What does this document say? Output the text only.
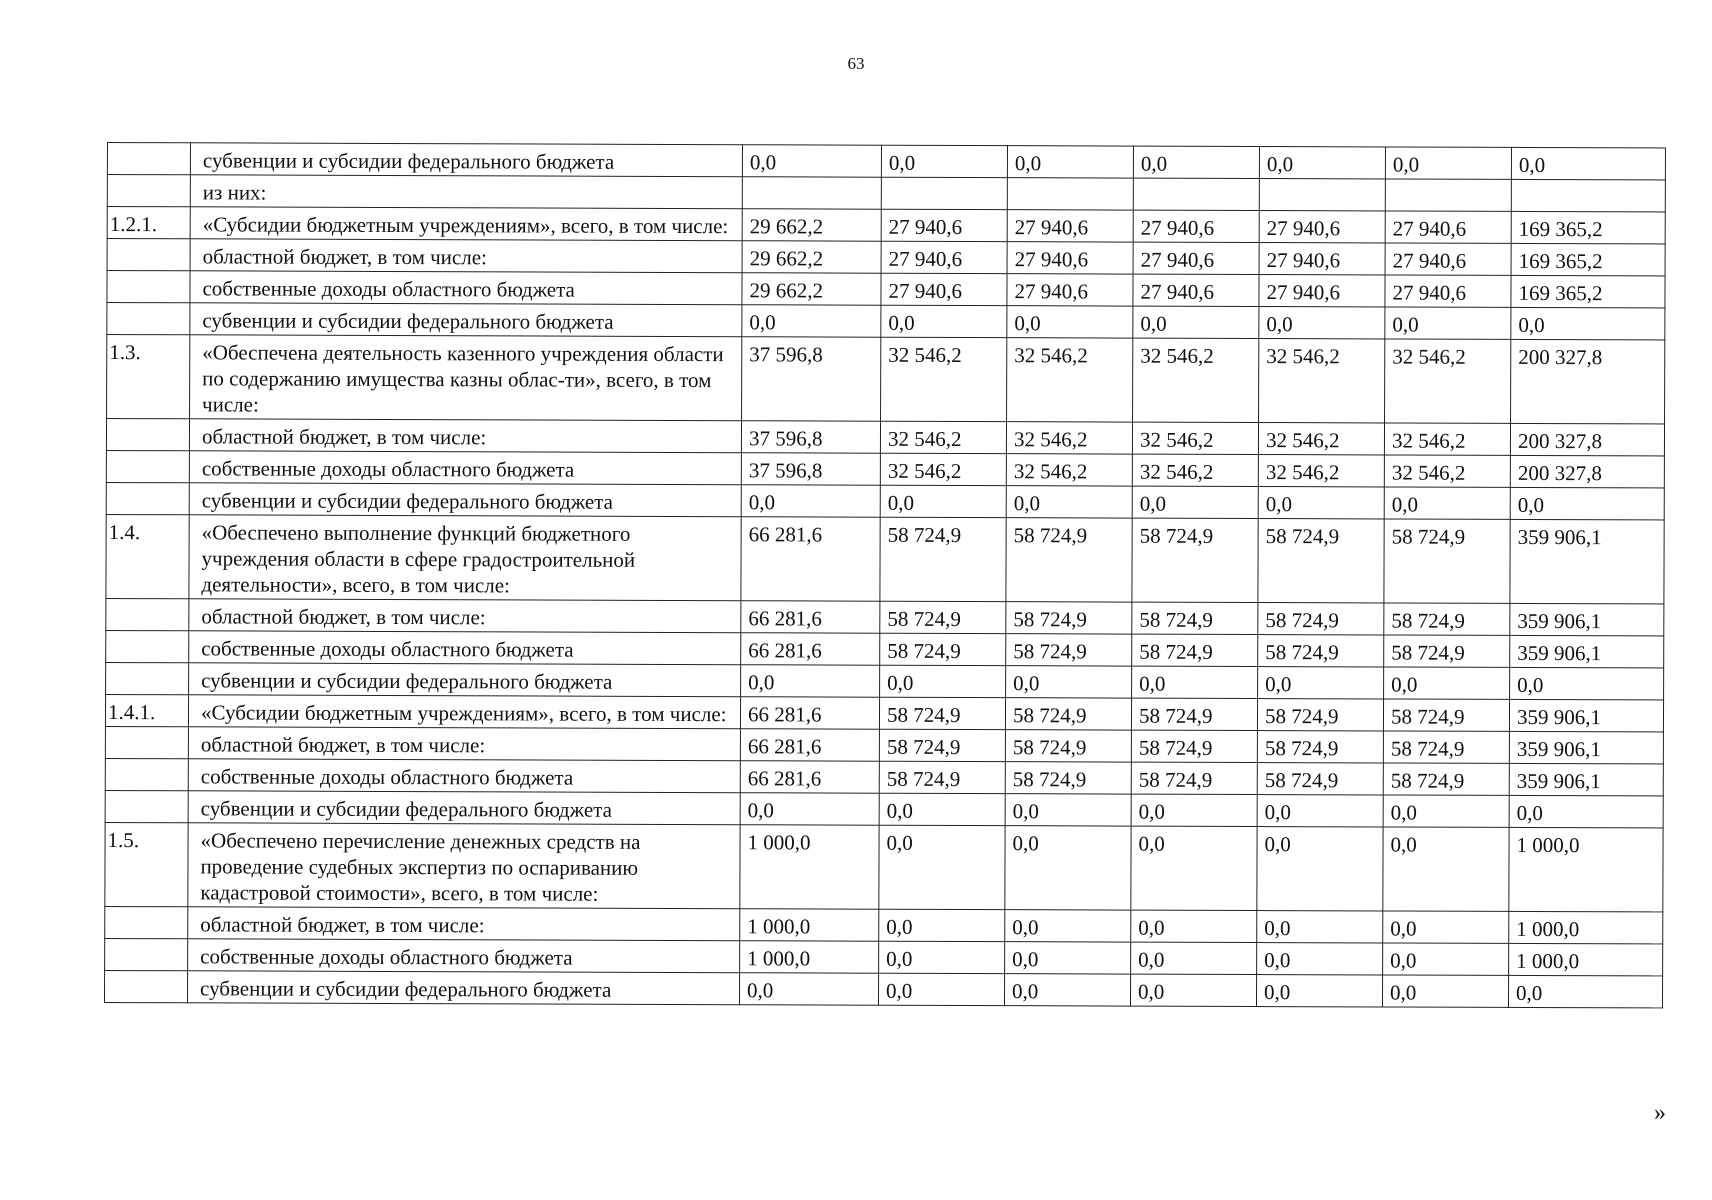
63
	субвенции и субсидии федерального бюджета	0,0	0,0	0,0	0,0	0,0	0,0	0,0
	из них:							
1.2.1.	«Субсидии бюджетным учреждениям», всего, в том числе:	29 662,2	27 940,6	27 940,6	27 940,6	27 940,6	27 940,6	169 365,2
	областной бюджет, в том числе:	29 662,2	27 940,6	27 940,6	27 940,6	27 940,6	27 940,6	169 365,2
	собственные доходы областного бюджета	29 662,2	27 940,6	27 940,6	27 940,6	27 940,6	27 940,6	169 365,2
	субвенции и субсидии федерального бюджета	0,0	0,0	0,0	0,0	0,0	0,0	0,0
1.3.	«Обеспечена деятельность казенного учреждения области по содержанию имущества казны облас-ти», всего, в том числе:	37 596,8	32 546,2	32 546,2	32 546,2	32 546,2	32 546,2	200 327,8
	областной бюджет, в том числе:	37 596,8	32 546,2	32 546,2	32 546,2	32 546,2	32 546,2	200 327,8
	собственные доходы областного бюджета	37 596,8	32 546,2	32 546,2	32 546,2	32 546,2	32 546,2	200 327,8
	субвенции и субсидии федерального бюджета	0,0	0,0	0,0	0,0	0,0	0,0	0,0
1.4.	«Обеспечено выполнение функций бюджетного учреждения области в сфере градостроительной деятельности», всего, в том числе:	66 281,6	58 724,9	58 724,9	58 724,9	58 724,9	58 724,9	359 906,1
	областной бюджет, в том числе:	66 281,6	58 724,9	58 724,9	58 724,9	58 724,9	58 724,9	359 906,1
	собственные доходы областного бюджета	66 281,6	58 724,9	58 724,9	58 724,9	58 724,9	58 724,9	359 906,1
	субвенции и субсидии федерального бюджета	0,0	0,0	0,0	0,0	0,0	0,0	0,0
1.4.1.	«Субсидии бюджетным учреждениям», всего, в том числе:	66 281,6	58 724,9	58 724,9	58 724,9	58 724,9	58 724,9	359 906,1
	областной бюджет, в том числе:	66 281,6	58 724,9	58 724,9	58 724,9	58 724,9	58 724,9	359 906,1
	собственные доходы областного бюджета	66 281,6	58 724,9	58 724,9	58 724,9	58 724,9	58 724,9	359 906,1
	субвенции и субсидии федерального бюджета	0,0	0,0	0,0	0,0	0,0	0,0	0,0
1.5.	«Обеспечено перечисление денежных средств на проведение судебных экспертиз по оспариванию кадастровой стоимости», всего, в том числе:	1 000,0	0,0	0,0	0,0	0,0	0,0	1 000,0
	областной бюджет, в том числе:	1 000,0	0,0	0,0	0,0	0,0	0,0	1 000,0
	собственные доходы областного бюджета	1 000,0	0,0	0,0	0,0	0,0	0,0	1 000,0
	субвенции и субсидии федерального бюджета	0,0	0,0	0,0	0,0	0,0	0,0	0,0
»
